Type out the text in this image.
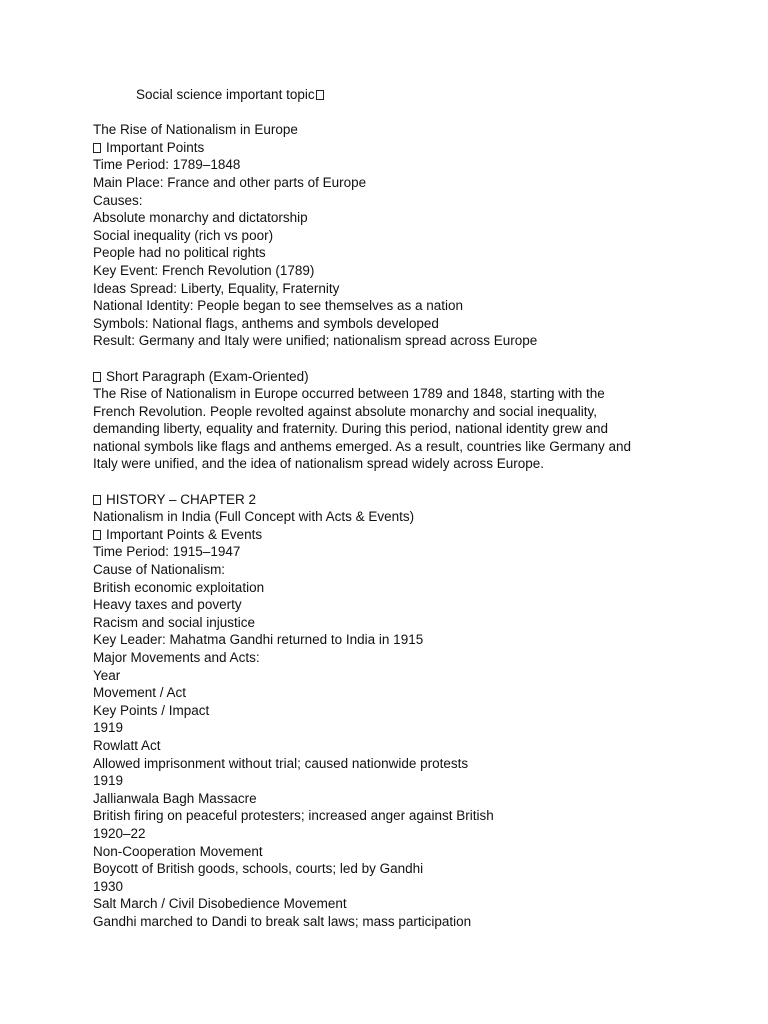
Social science important topic
The Rise of Nationalism in Europe
Important Points
Time Period: 1789–1848
Main Place: France and other parts of Europe
Causes:
Absolute monarchy and dictatorship
Social inequality (rich vs poor)
People had no political rights
Key Event: French Revolution (1789)
Ideas Spread: Liberty, Equality, Fraternity
National Identity: People began to see themselves as a nation
Symbols: National flags, anthems and symbols developed
Result: Germany and Italy were unified; nationalism spread across Europe
Short Paragraph (Exam-Oriented)
The Rise of Nationalism in Europe occurred between 1789 and 1848, starting with the
French Revolution. People revolted against absolute monarchy and social inequality,
demanding liberty, equality and fraternity. During this period, national identity grew and
national symbols like flags and anthems emerged. As a result, countries like Germany and
Italy were unified, and the idea of nationalism spread widely across Europe.
HISTORY – CHAPTER 2
Nationalism in India (Full Concept with Acts & Events)
Important Points & Events
Time Period: 1915–1947
Cause of Nationalism:
British economic exploitation
Heavy taxes and poverty
Racism and social injustice
Key Leader: Mahatma Gandhi returned to India in 1915
Major Movements and Acts:
Year
Movement / Act
Key Points / Impact
1919
Rowlatt Act
Allowed imprisonment without trial; caused nationwide protests
1919
Jallianwala Bagh Massacre
British firing on peaceful protesters; increased anger against British
1920–22
Non-Cooperation Movement
Boycott of British goods, schools, courts; led by Gandhi
1930
Salt March / Civil Disobedience Movement
Gandhi marched to Dandi to break salt laws; mass participation
